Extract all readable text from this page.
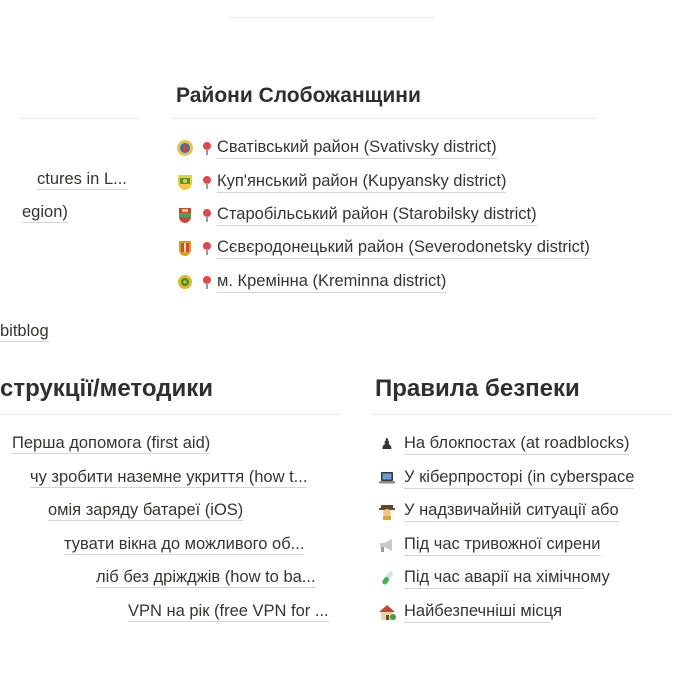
Райони Слобожанщини
Сватівський район (Svativsky district)
Куп'янський район (Kupyansky district)
Старобільський район (Starobilsky district)
Сєвєродонецький район (Severodonetsky district)
м. Кремінна (Kreminna district)
ctures in L...
egion)
bitblog
струкції/методики
Перша допомога (first aid)
чу зробити наземне укриття (how t...
омія заряду батареї (iOS)
тувати вікна до можливого об...
ліб без дріжджів (how to ba...
VPN на рік (free VPN for ...
Правила безпеки
♟ На блокпостах (at roadblocks)
У кіберпросторі (in cyberspace
У надзвичайній ситуації або
Під час тривожної сирени
Під час аварії на хімічному
Найбезпечніші місця
